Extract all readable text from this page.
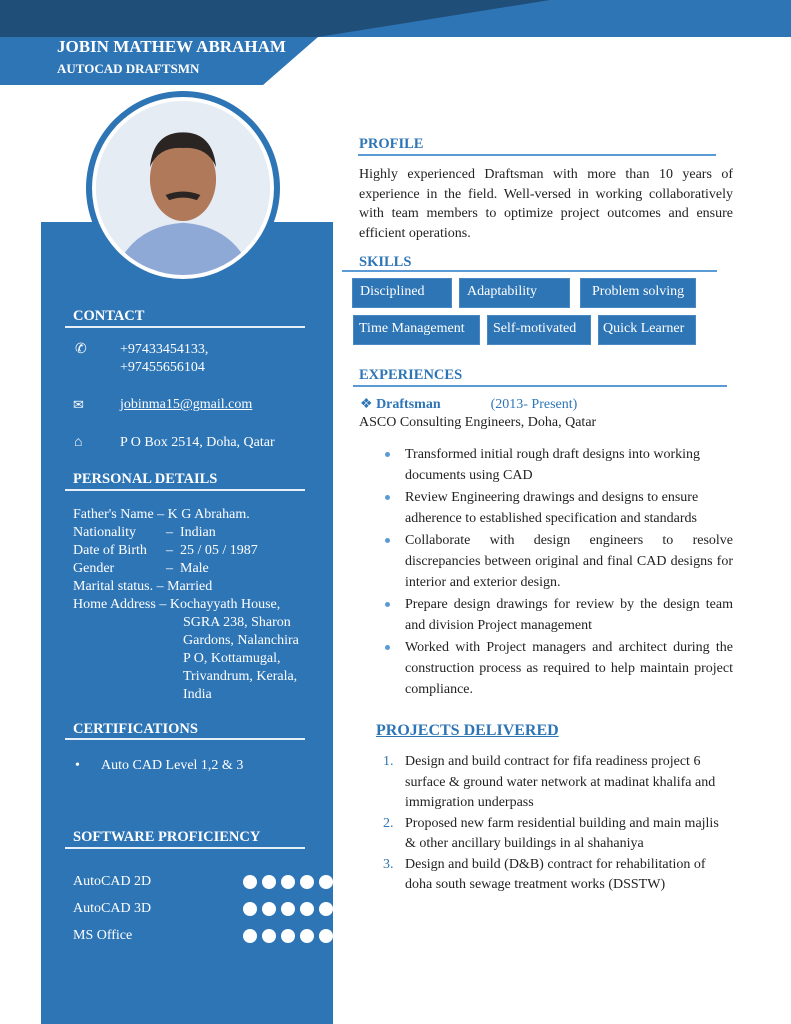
JOBIN MATHEW ABRAHAM
AUTOCAD DRAFTSMN
CONTACT
✆ +97433454133,
+97455656104
✉	jobinma15@gmail.com
⌂	P O Box 2514, Doha, Qatar
PERSONAL DETAILS
Father's Name – K G Abraham.
Nationality – Indian
Date of Birth – 25 / 05 / 1987
Gender	– Male
Marital status. – Married
Home Address – Kochayyath House,
SGRA 238, Sharon
Gardons, Nalanchira
P O, Kottamugal,
Trivandrum, Kerala,
India
CERTIFICATIONS
• Auto CAD Level 1,2 & 3
SOFTWARE PROFICIENCY
AutoCAD 2D
AutoCAD 3D
MS Office
PROFILE
Highly experienced Draftsman with more than 10 years of experience in the field. Well-versed in working collaboratively with team members to optimize project outcomes and ensure efficient operations.
SKILLS
Disciplined	Adaptability	Problem solving
Time Management	Self-motivated	Quick Learner
EXPERIENCES
❖ Draftsman	(2013- Present)
ASCO Consulting Engineers, Doha, Qatar
Transformed initial rough draft designs into working documents using CAD
Review Engineering drawings and designs to ensure adherence to established specification and standards
Collaborate with design engineers to resolve discrepancies between original and final CAD designs for interior and exterior design.
Prepare design drawings for review by the design team and division Project management
Worked with Project managers and architect during the construction process as required to help maintain project compliance.
PROJECTS DELIVERED
1. Design and build contract for fifa readiness project 6 surface & ground water network at madinat khalifa and immigration underpass
2. Proposed new farm residential building and main majlis & other ancillary buildings in al shahaniya
3. Design and build (D&B) contract for rehabilitation of doha south sewage treatment works (DSSTW)
